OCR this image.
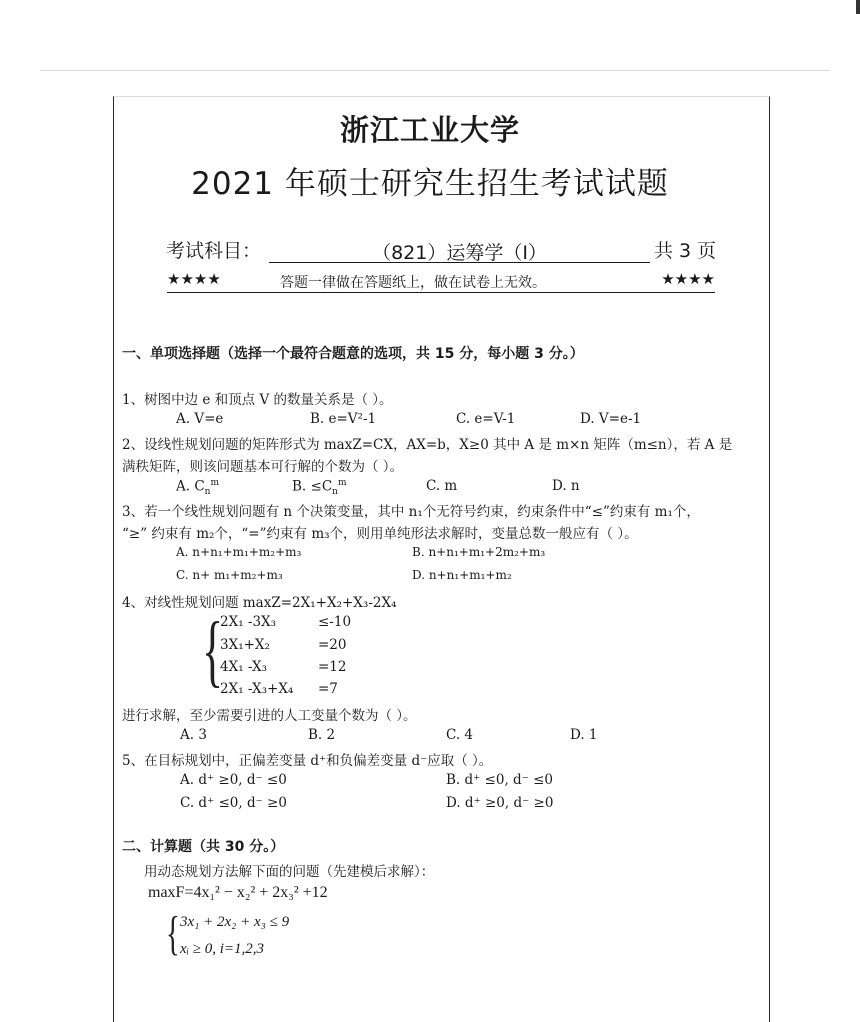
浙江工业大学
2021 年硕士研究生招生考试试题
考试科目：	（821）运筹学（I）	共 3 页
★★★★	答题一律做在答题纸上，做在试卷上无效。	★★★★
一、单项选择题（选择一个最符合题意的选项，共 15 分，每小题 3 分。）
1、树图中边 e 和顶点 V 的数量关系是（ ）。
A. V=e	B. e=V²-1	C. e=V-1	D. V=e-1
2、设线性规划问题的矩阵形式为 maxZ=CX，AX=b，X≥0 其中 A 是 m×n 矩阵（m≤n），若 A 是
满秩矩阵，则该问题基本可行解的个数为（ ）。
A. $C_n^m$	B. $\le C_n^m$	C. m	D. n
3、若一个线性规划问题有 n 个决策变量，其中 n₁个无符号约束，约束条件中“≤”约束有 m₁个，
“≥” 约束有 m₂个，“=”约束有 m₃个，则用单纯形法求解时，变量总数一般应有（ ）。
A. n+n₁+m₁+m₂+m₃	B. n+n₁+m₁+2m₂+m₃
C. n+ m₁+m₂+m₃	D. n+n₁+m₁+m₂
4、对线性规划问题 maxZ=2X₁+X₂+X₃-2X₄
{
2X₁ -3X₃	≤-10
3X₁+X₂	=20
4X₁ -X₃	=12
2X₁ -X₃+X₄ =7
进行求解，至少需要引进的人工变量个数为（ ）。
A. 3	B. 2	C. 4	D. 1
5、在目标规划中，正偏差变量 d⁺和负偏差变量 d⁻应取（ ）。
A. d⁺ ≥0, d⁻ ≤0	B. d⁺ ≤0, d⁻ ≤0
C. d⁺ ≤0, d⁻ ≥0	D. d⁺ ≥0, d⁻ ≥0
二、计算题（共 30 分。）
用动态规划方法解下面的问题（先建模后求解）：
maxF=4x₁² − x₂² + 2x₃² +12
{ 3x₁ + 2x₂ + x₃ ≤ 9
xᵢ ≥ 0, i=1,2,3
